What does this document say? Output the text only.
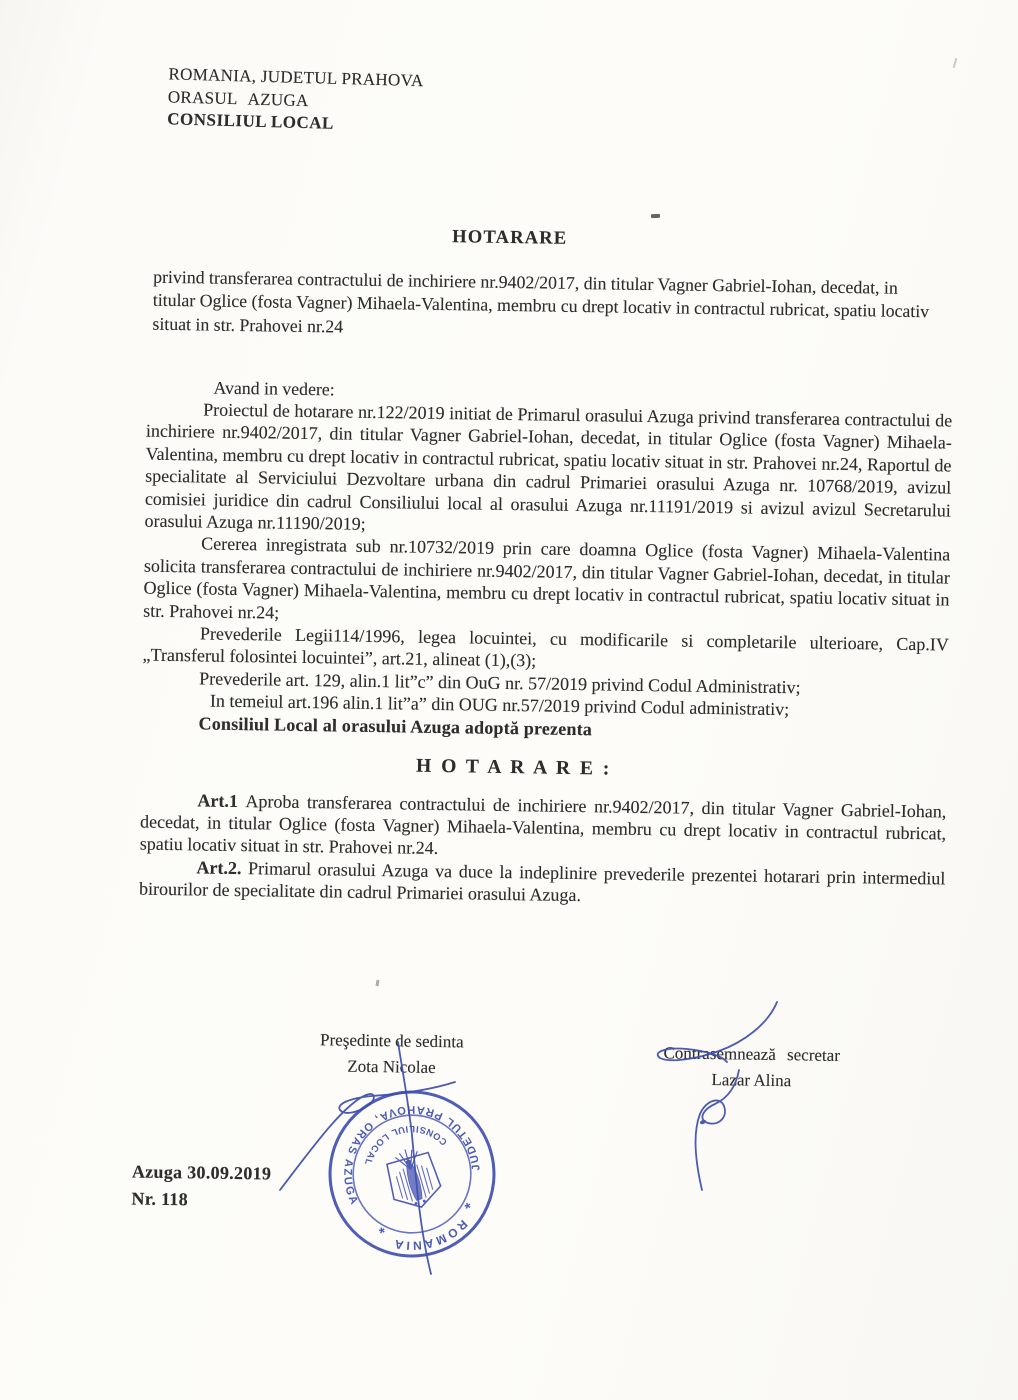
ROMANIA, JUDETUL PRAHOVA
ORASUL AZUGA
CONSILIUL LOCAL
HOTARARE

privind transferarea contractului de inchiriere nr.9402/2017, din titular Vagner Gabriel-Iohan, decedat, in titular Oglice (fosta Vagner) Mihaela-Valentina, membru cu drept locativ in contractul rubricat, spatiu locativ situat in str. Prahovei nr.24

Avand in vedere:

Proiectul de hotarare nr.122/2019 initiat de Primarul orasului Azuga privind transferarea contractului de inchiriere nr.9402/2017, din titular Vagner Gabriel-Iohan, decedat, in titular Oglice (fosta Vagner) Mihaela-Valentina, membru cu drept locativ in contractul rubricat, spatiu locativ situat in str. Prahovei nr.24, Raportul de specialitate al Serviciului Dezvoltare urbana din cadrul Primariei orasului Azuga nr. 10768/2019, avizul comisiei juridice din cadrul Consiliului local al orasului Azuga nr.11191/2019 si avizul avizul Secretarului orasului Azuga nr.11190/2019;

Cererea inregistrata sub nr.10732/2019 prin care doamna Oglice (fosta Vagner) Mihaela-Valentina solicita transferarea contractului de inchiriere nr.9402/2017, din titular Vagner Gabriel-Iohan, decedat, in titular Oglice (fosta Vagner) Mihaela-Valentina, membru cu drept locativ in contractul rubricat, spatiu locativ situat in str. Prahovei nr.24;

Prevederile Legii114/1996, legea locuintei, cu modificarile si completarile ulterioare, Cap.IV „Transferul folosintei locuintei”, art.21, alineat (1),(3);

Prevederile art. 129, alin.1 lit”c” din OuG nr. 57/2019 privind Codul Administrativ;

In temeiul art.196 alin.1 lit”a” din OUG nr.57/2019 privind Codul administrativ;

Consiliul Local al orasului Azuga adoptă prezenta

H O T A R A R E :

Art.1 Aproba transferarea contractului de inchiriere nr.9402/2017, din titular Vagner Gabriel-Iohan, decedat, in titular Oglice (fosta Vagner) Mihaela-Valentina, membru cu drept locativ in contractul rubricat, spatiu locativ situat in str. Prahovei nr.24.

Art.2. Primarul orasului Azuga va duce la indeplinire prevederile prezentei hotarari prin intermediul birourilor de specialitate din cadrul Primariei orasului Azuga.

Preşedinte de sedinta
Zota Nicolae
Contrasemnează secretar
Lazar Alina
Azuga 30.09.2019
Nr. 118
JUDETUL PRAHOVA, ORAS AZUGA
ROMANIA
CONSILIUL LOCAL
*
*
